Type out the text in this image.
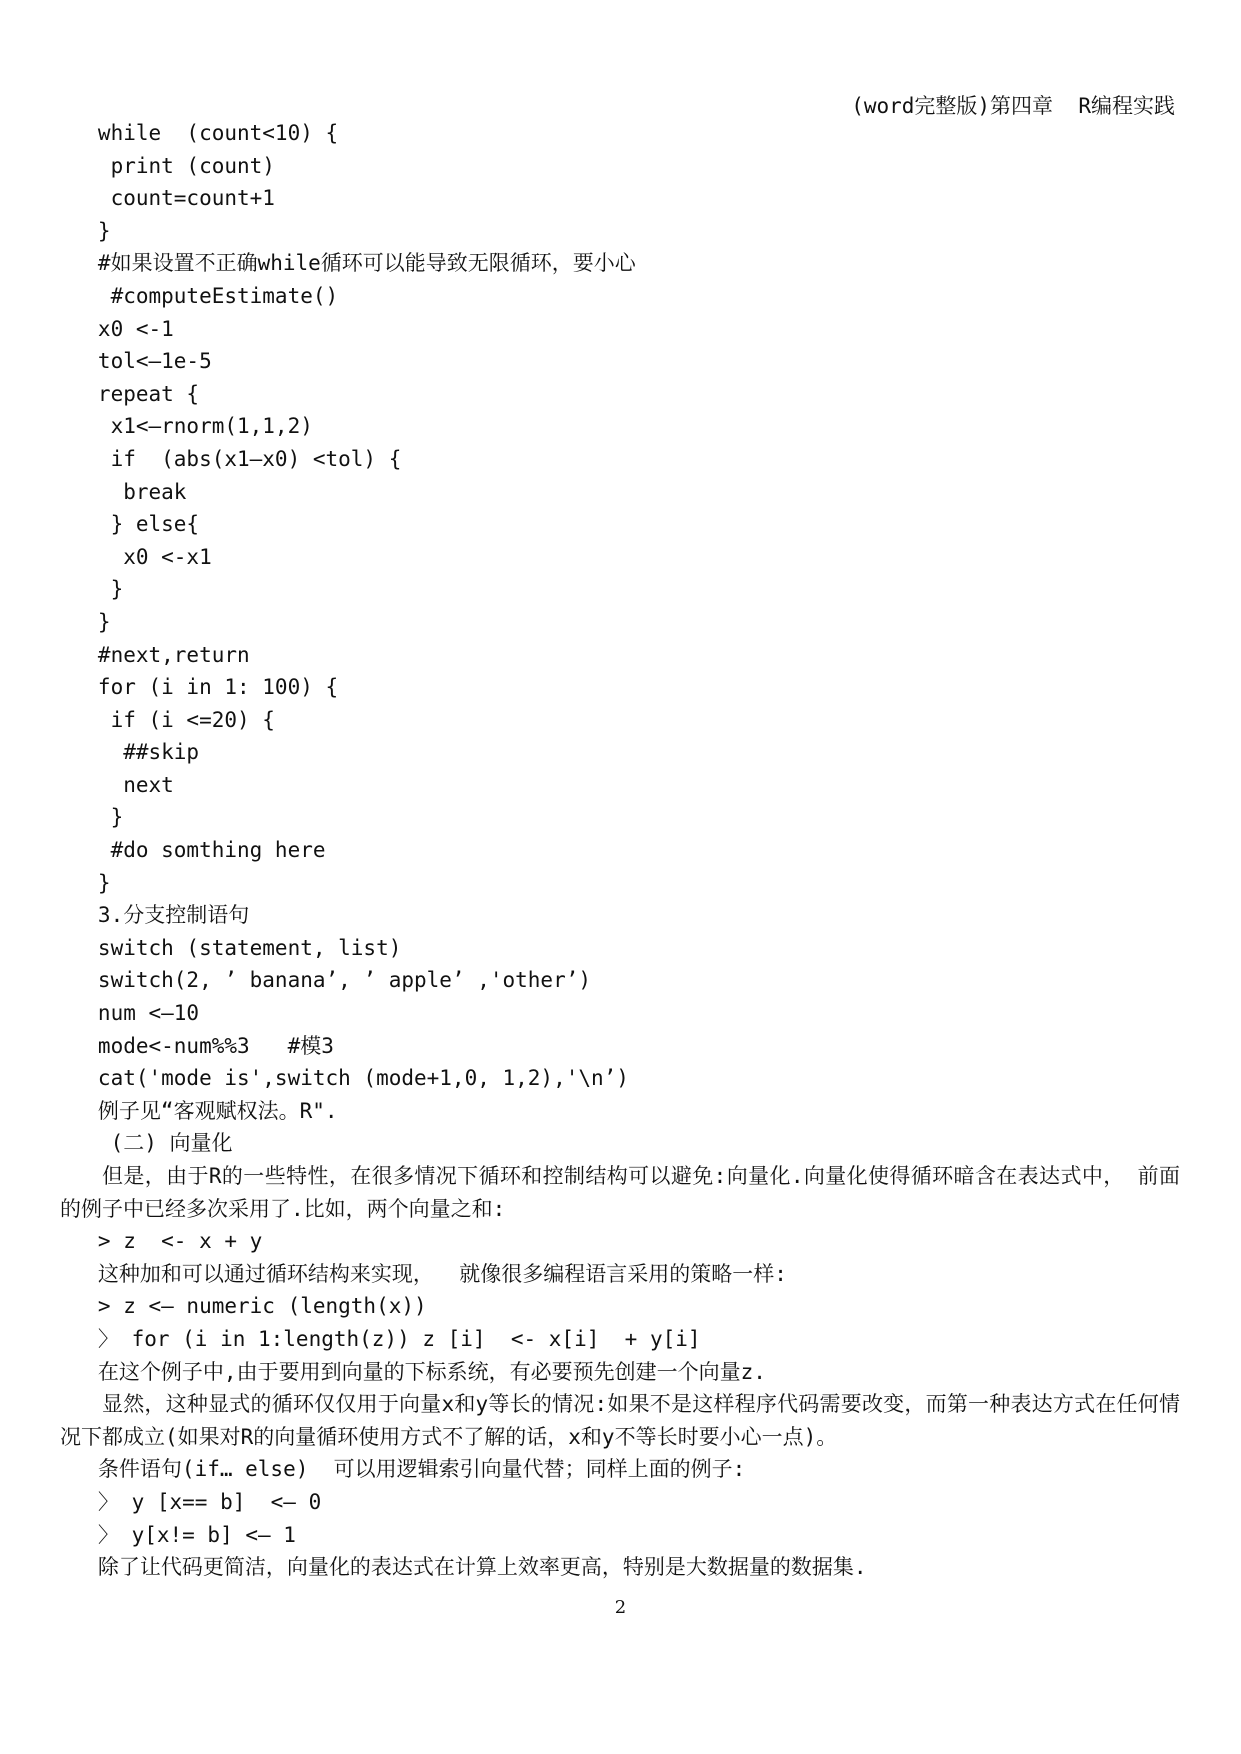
(word完整版)第四章  R编程实践
while  (count<10) {
print (count)
count=count+1
}
#如果设置不正确while循环可以能导致无限循环，要小心
#computeEstimate()
x0 <-1
tol<—1e-5
repeat {
x1<—rnorm(1,1,2)
if  (abs(x1—x0) <tol) {
break
} else{
x0 <-x1
}
}
#next,return
for (i in 1: 100) {
if (i <=20) {
##skip
next
}
#do somthing here
}
3.分支控制语句
switch (statement, list)
switch(2, ’ banana’, ’ apple’ ,'other’)
num <—10
mode<-num%%3   #模3
cat('mode is',switch (mode+1,0, 1,2),'\n’)
例子见“客观赋权法。R".
(二) 向量化
但是，由于R的一些特性，在很多情况下循环和控制结构可以避免:向量化.向量化使得循环暗含在表达式中， 前面的例子中已经多次采用了.比如，两个向量之和:
> z  <- x + y
这种加和可以通过循环结构来实现，  就像很多编程语言采用的策略一样:
> z <— numeric (length(x))
〉 for (i in 1:length(z)) z [i]  <- x[i]  + y[i]
在这个例子中,由于要用到向量的下标系统，有必要预先创建一个向量z.
显然，这种显式的循环仅仅用于向量x和y等长的情况:如果不是这样程序代码需要改变，而第一种表达方式在任何情况下都成立(如果对R的向量循环使用方式不了解的话，x和y不等长时要小心一点)。
条件语句(if… else)  可以用逻辑索引向量代替；同样上面的例子:
〉 y [x== b]  <— 0
〉 y[x!= b] <— 1
除了让代码更简洁，向量化的表达式在计算上效率更高，特别是大数据量的数据集.
2
